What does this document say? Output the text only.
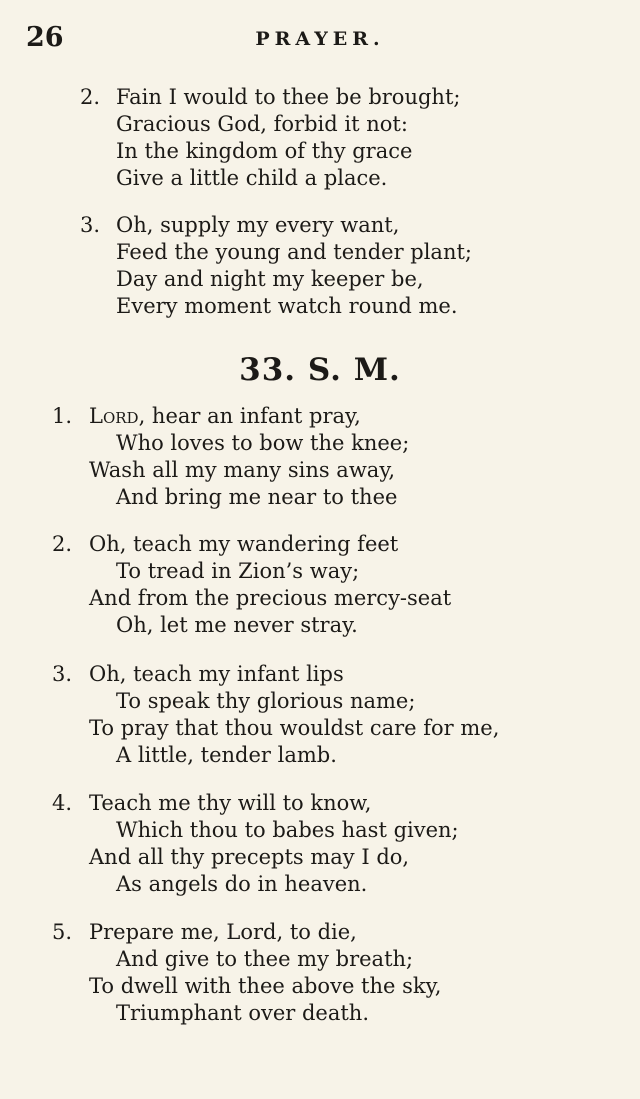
26	PRAYER.
2. Fain I would to thee be brought;
Gracious God, forbid it not:
In the kingdom of thy grace
Give a little child a place.
3. Oh, supply my every want,
Feed the young and tender plant;
Day and night my keeper be,
Every moment watch round me.
33. S. M.
1. Lord, hear an infant pray,
Who loves to bow the knee;
Wash all my many sins away,
And bring me near to thee
2. Oh, teach my wandering feet
To tread in Zion’s way;
And from the precious mercy-seat
Oh, let me never stray.
3. Oh, teach my infant lips
To speak thy glorious name;
To pray that thou wouldst care for me,
A little, tender lamb.
4. Teach me thy will to know,
Which thou to babes hast given;
And all thy precepts may I do,
As angels do in heaven.
5. Prepare me, Lord, to die,
And give to thee my breath;
To dwell with thee above the sky,
Triumphant over death.
